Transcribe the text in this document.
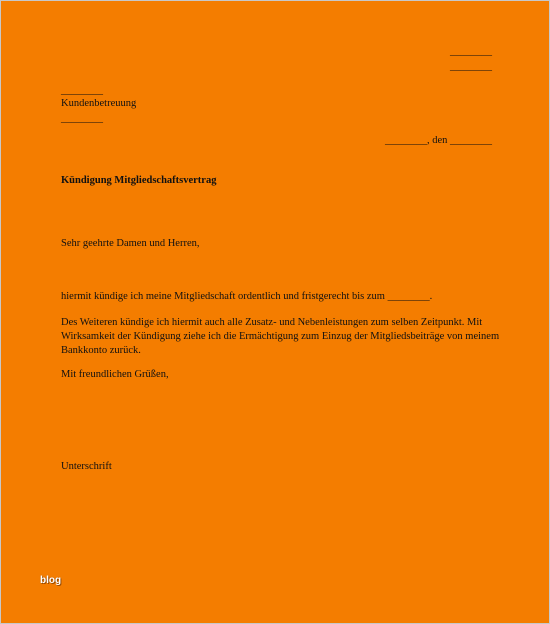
________
________
________
Kundenbetreuung
________
________, den ________
Kündigung Mitgliedschaftsvertrag
Sehr geehrte Damen und Herren,
hiermit kündige ich meine Mitgliedschaft ordentlich und fristgerecht bis zum ________.
Des Weiteren kündige ich hiermit auch alle Zusatz- und Nebenleistungen zum selben Zeitpunkt. Mit Wirksamkeit der Kündigung ziehe ich die Ermächtigung zum Einzug der Mitgliedsbeiträge von meinem Bankkonto zurück.
Mit freundlichen Grüßen,
Unterschrift
blog
